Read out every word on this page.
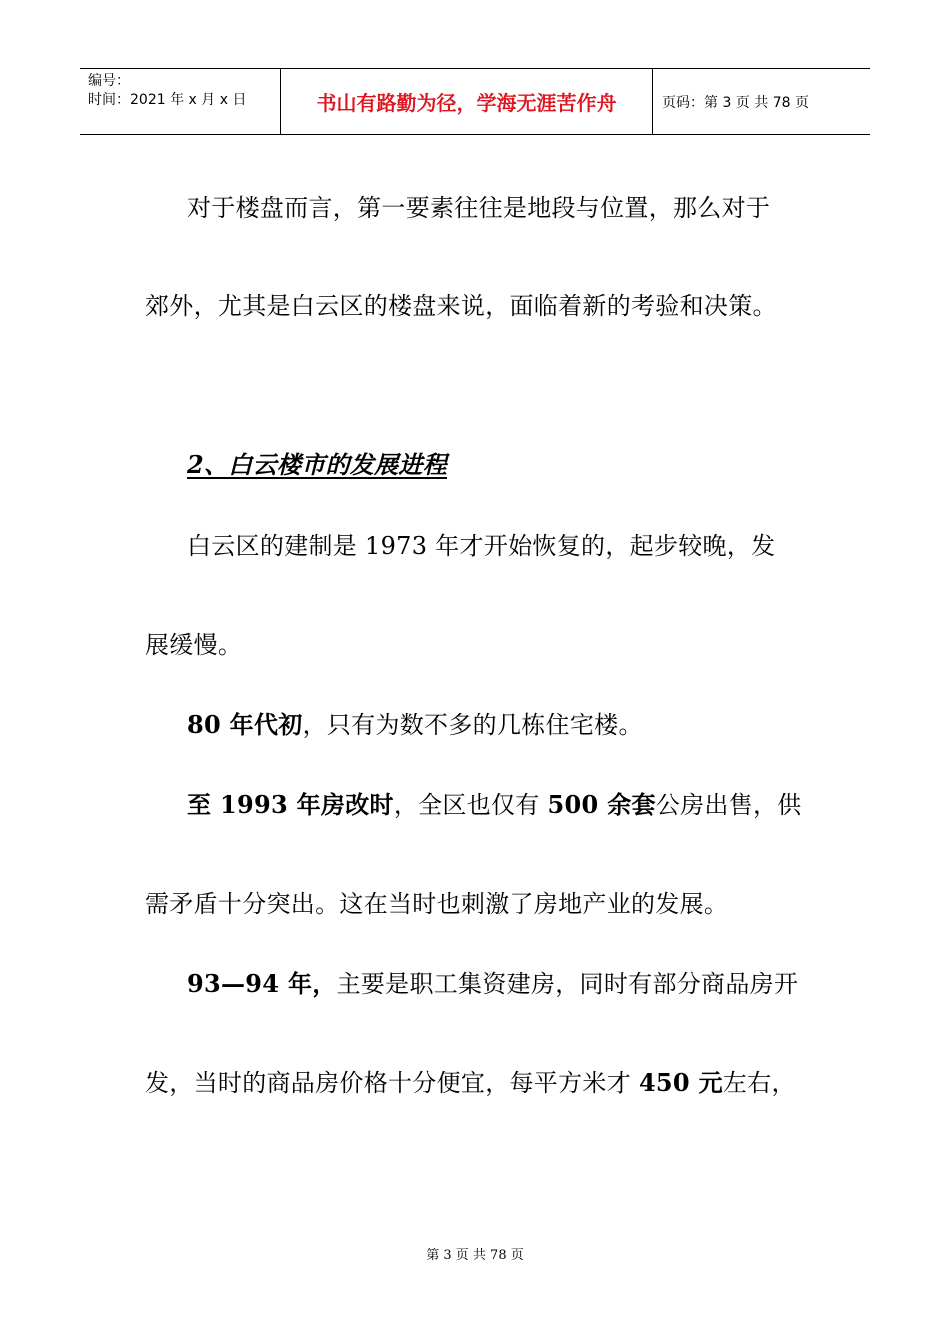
编号：
时间：2021 年 x 月 x 日	书山有路勤为径，学海无涯苦作舟	页码：第 3 页 共 78 页

对于楼盘而言，第一要素往往是地段与位置，那么对于

郊外，尤其是白云区的楼盘来说，面临着新的考验和决策。

2、白云楼市的发展进程

白云区的建制是 1973 年才开始恢复的，起步较晚，发

展缓慢。

80 年代初，只有为数不多的几栋住宅楼。

至 1993 年房改时，全区也仅有 500 余套公房出售，供

需矛盾十分突出。这在当时也刺激了房地产业的发展。

93—94 年，主要是职工集资建房，同时有部分商品房开

发，当时的商品房价格十分便宜，每平方米才 450 元左右，

第 3 页 共 78 页
